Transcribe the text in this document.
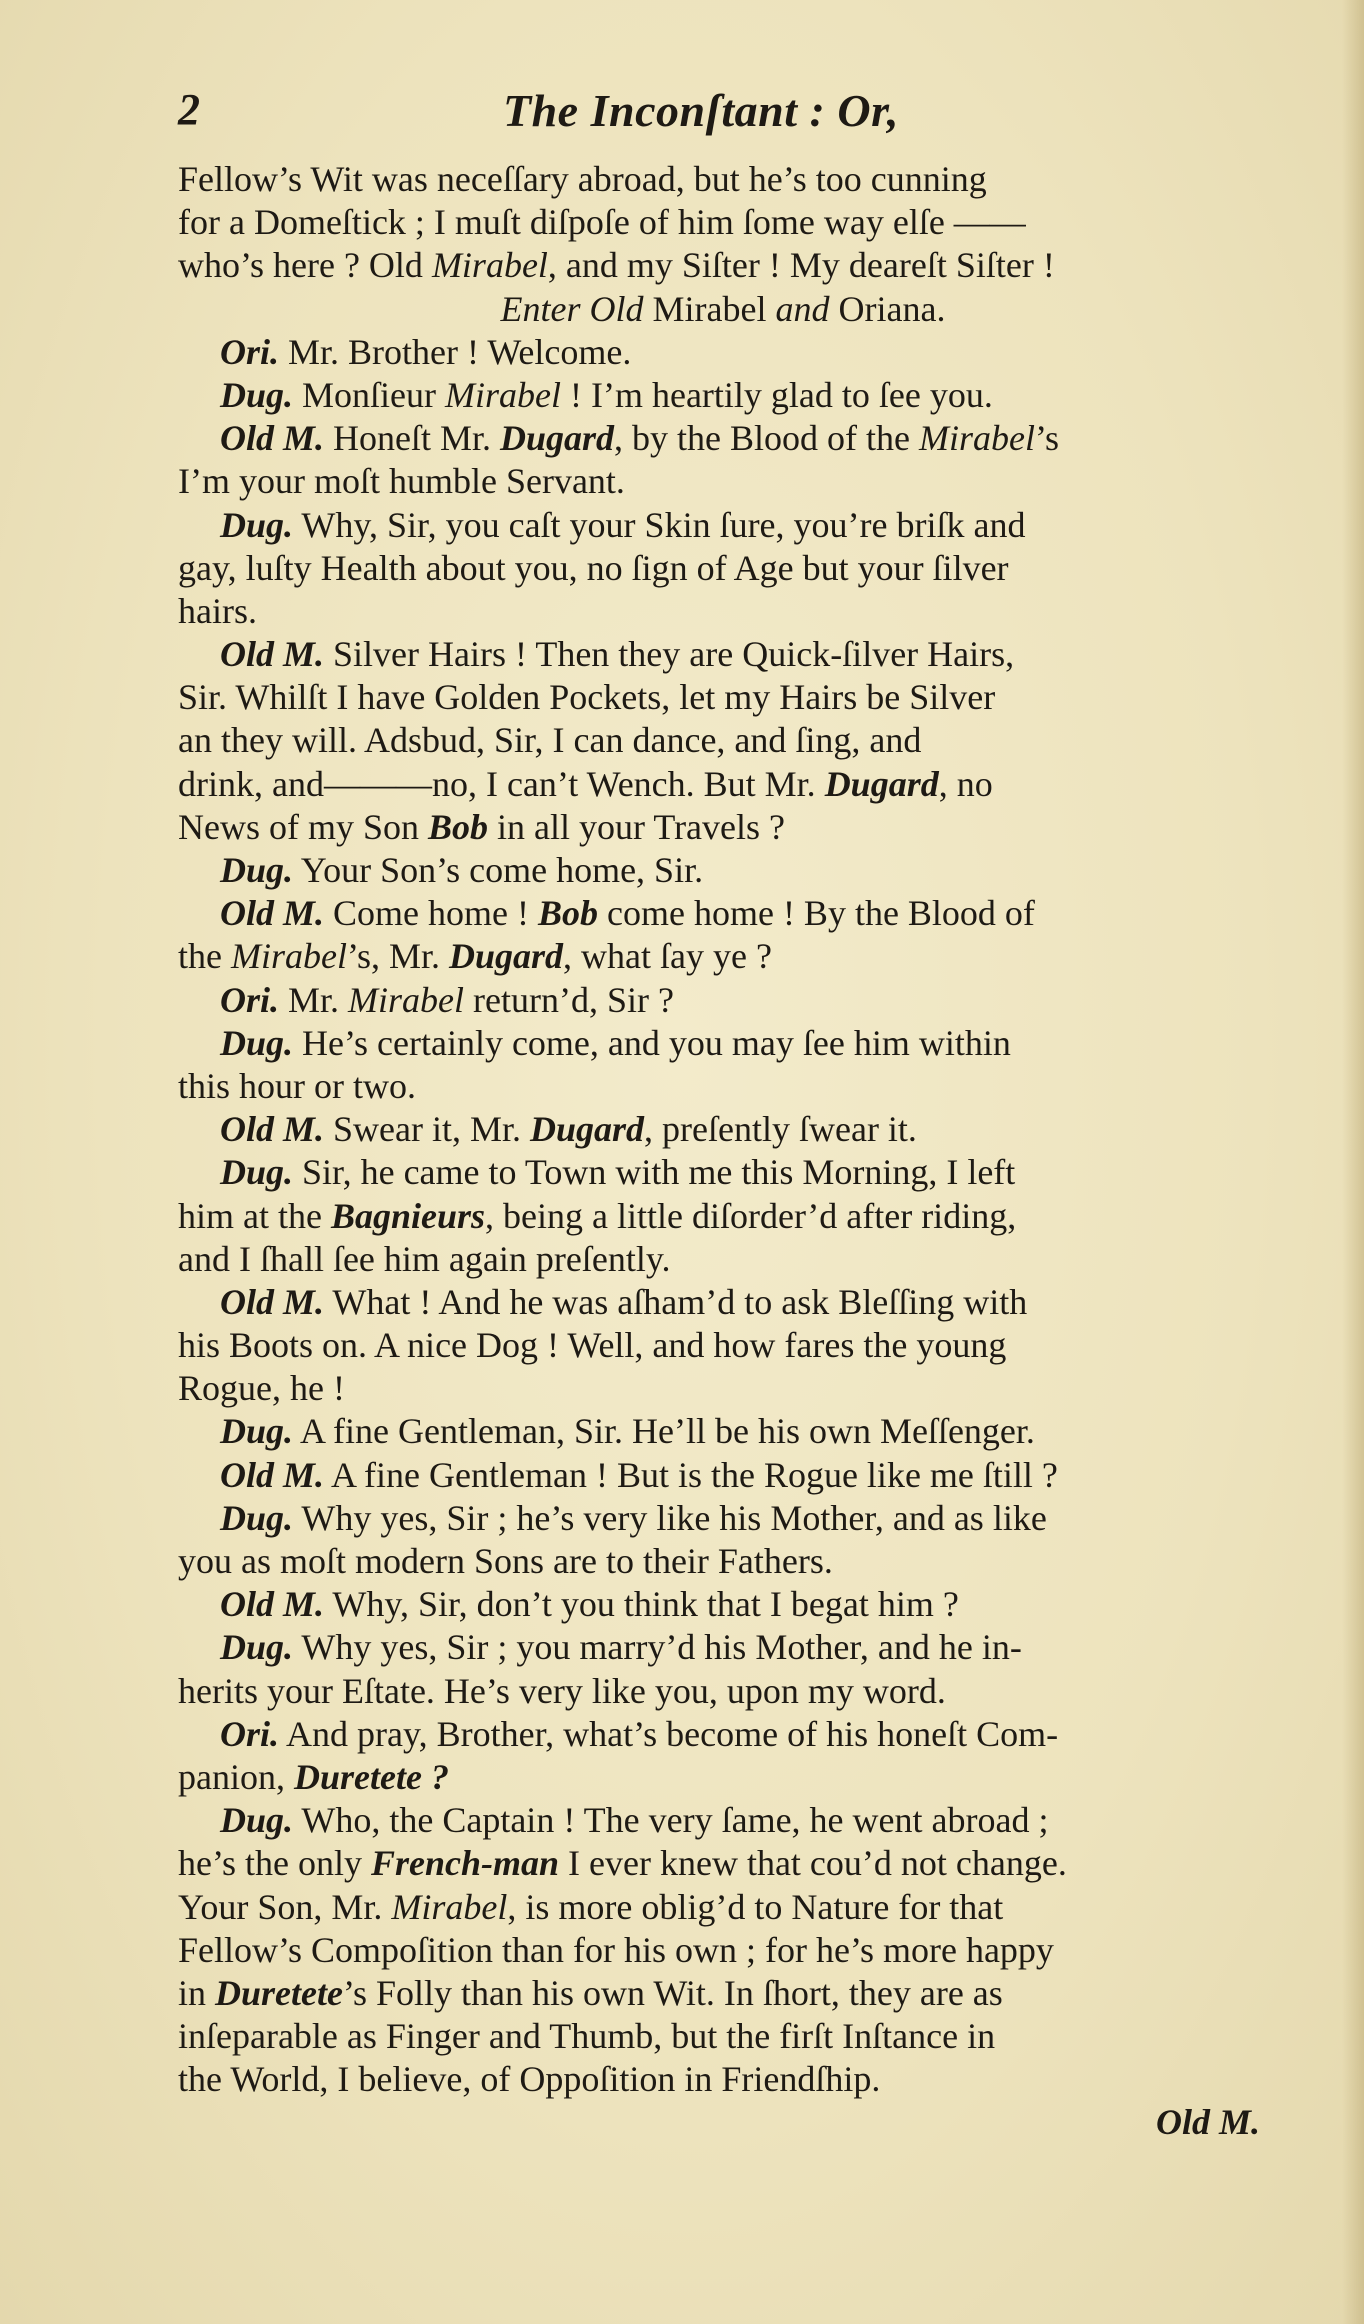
2	The Inconſtant : Or,
Fellow’s Wit was neceſſary abroad, but he’s too cunning
for a Domeſtick ; I muſt diſpoſe of him ſome way elſe ——
who’s here ? Old Mirabel, and my Siſter ! My deareſt Siſter !
Enter Old Mirabel and Oriana.
Ori. Mr. Brother ! Welcome.
Dug. Monſieur Mirabel ! I’m heartily glad to ſee you.
Old M. Honeſt Mr. Dugard, by the Blood of the Mirabel’s
I’m your moſt humble Servant.
Dug. Why, Sir, you caſt your Skin ſure, you’re briſk and
gay, luſty Health about you, no ſign of Age but your ſilver
hairs.
Old M. Silver Hairs ! Then they are Quick-ſilver Hairs,
Sir. Whilſt I have Golden Pockets, let my Hairs be Silver
an they will. Adsbud, Sir, I can dance, and ſing, and
drink, and———no, I can’t Wench. But Mr. Dugard, no
News of my Son Bob in all your Travels ?
Dug. Your Son’s come home, Sir.
Old M. Come home ! Bob come home ! By the Blood of
the Mirabel’s, Mr. Dugard, what ſay ye ?
Ori. Mr. Mirabel return’d, Sir ?
Dug. He’s certainly come, and you may ſee him within
this hour or two.
Old M. Swear it, Mr. Dugard, preſently ſwear it.
Dug. Sir, he came to Town with me this Morning, I left
him at the Bagnieurs, being a little diſorder’d after riding,
and I ſhall ſee him again preſently.
Old M. What ! And he was aſham’d to ask Bleſſing with
his Boots on. A nice Dog ! Well, and how fares the young
Rogue, he !
Dug. A fine Gentleman, Sir. He’ll be his own Meſſenger.
Old M. A fine Gentleman ! But is the Rogue like me ſtill ?
Dug. Why yes, Sir ; he’s very like his Mother, and as like
you as moſt modern Sons are to their Fathers.
Old M. Why, Sir, don’t you think that I begat him ?
Dug. Why yes, Sir ; you marry’d his Mother, and he in-
herits your Eſtate. He’s very like you, upon my word.
Ori. And pray, Brother, what’s become of his honeſt Com-
panion, Duretete ?
Dug. Who, the Captain ! The very ſame, he went abroad ;
he’s the only French-man I ever knew that cou’d not change.
Your Son, Mr. Mirabel, is more oblig’d to Nature for that
Fellow’s Compoſition than for his own ; for he’s more happy
in Duretete’s Folly than his own Wit. In ſhort, they are as
inſeparable as Finger and Thumb, but the firſt Inſtance in
the World, I believe, of Oppoſition in Friendſhip.
Old M.
